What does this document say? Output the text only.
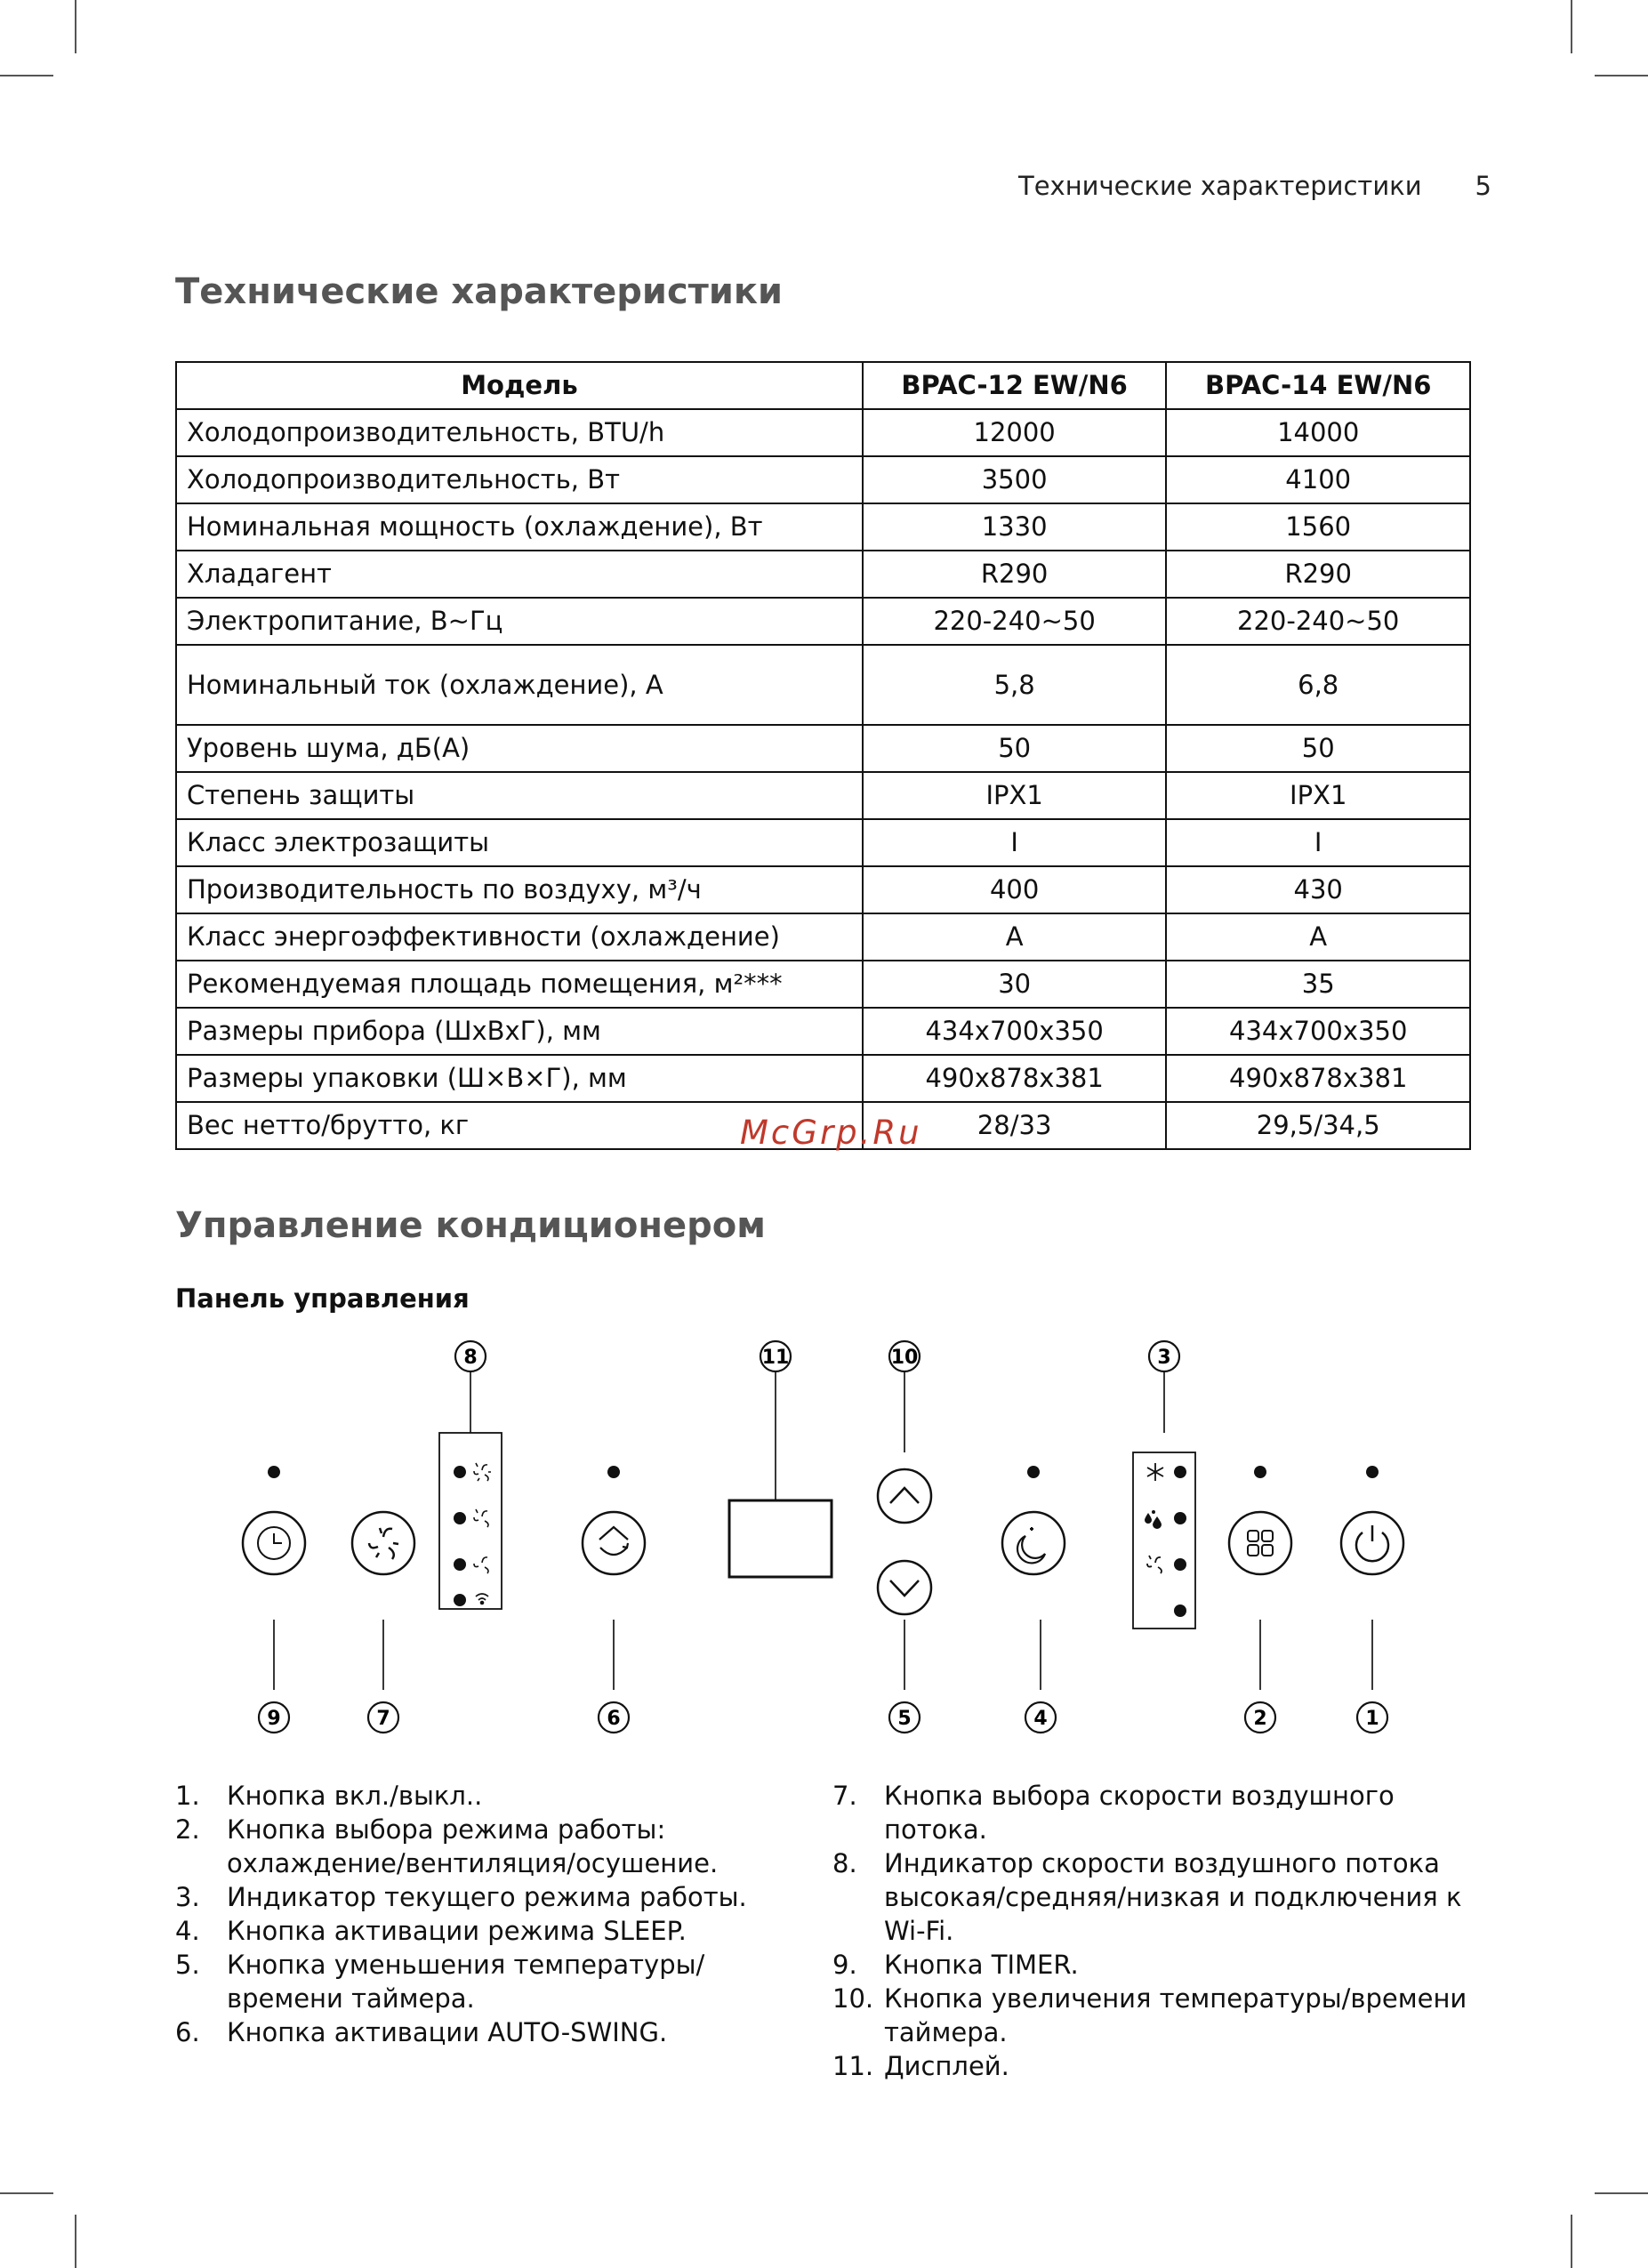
Технические характеристики 5
Технические характеристики
Модель	BPAC-12 EW/N6	BPAC-14 EW/N6
Холодопроизводительность, BTU/h	12000	14000
Холодопроизводительность, Вт	3500	4100
Номинальная мощность (охлаждение), Вт	1330	1560
Хладагент	R290	R290
Электропитание, В~Гц	220-240~50	220-240~50
Номинальный ток (охлаждение), А	5,8	6,8
Уровень шума, дБ(А)	50	50
Степень защиты	IPX1	IPX1
Класс электрозащиты	I	I
Производительность по воздуху, м³/ч	400	430
Класс энергоэффективности (охлаждение)	A	A
Рекомендуемая площадь помещения, м²***	30	35
Размеры прибора (ШхВхГ), мм	434х700х350	434х700х350
Размеры упаковки (Ш×В×Г), мм	490х878х381	490х878х381
Вес нетто/брутто, кг	28/33	29,5/34,5
McGrp.Ru
Управление кондиционером
Панель управления
8	11	10	3
9	7	6	5	4	2	1
1.	Кнопка вкл./выкл..
2.	Кнопка выбора режима работы: охлаждение/вентиляция/осушение.
3.	Индикатор текущего режима работы.
4.	Кнопка активации режима SLEEP.
5.	Кнопка уменьшения температуры/времени таймера.
6.	Кнопка активации AUTO-SWING.
7.	Кнопка выбора скорости воздушного потока.
8.	Индикатор скорости воздушного потока высокая/средняя/низкая и подключения к Wi-Fi.
9.	Кнопка TIMER.
10. Кнопка увеличения температуры/времени таймера.
11. Дисплей.
